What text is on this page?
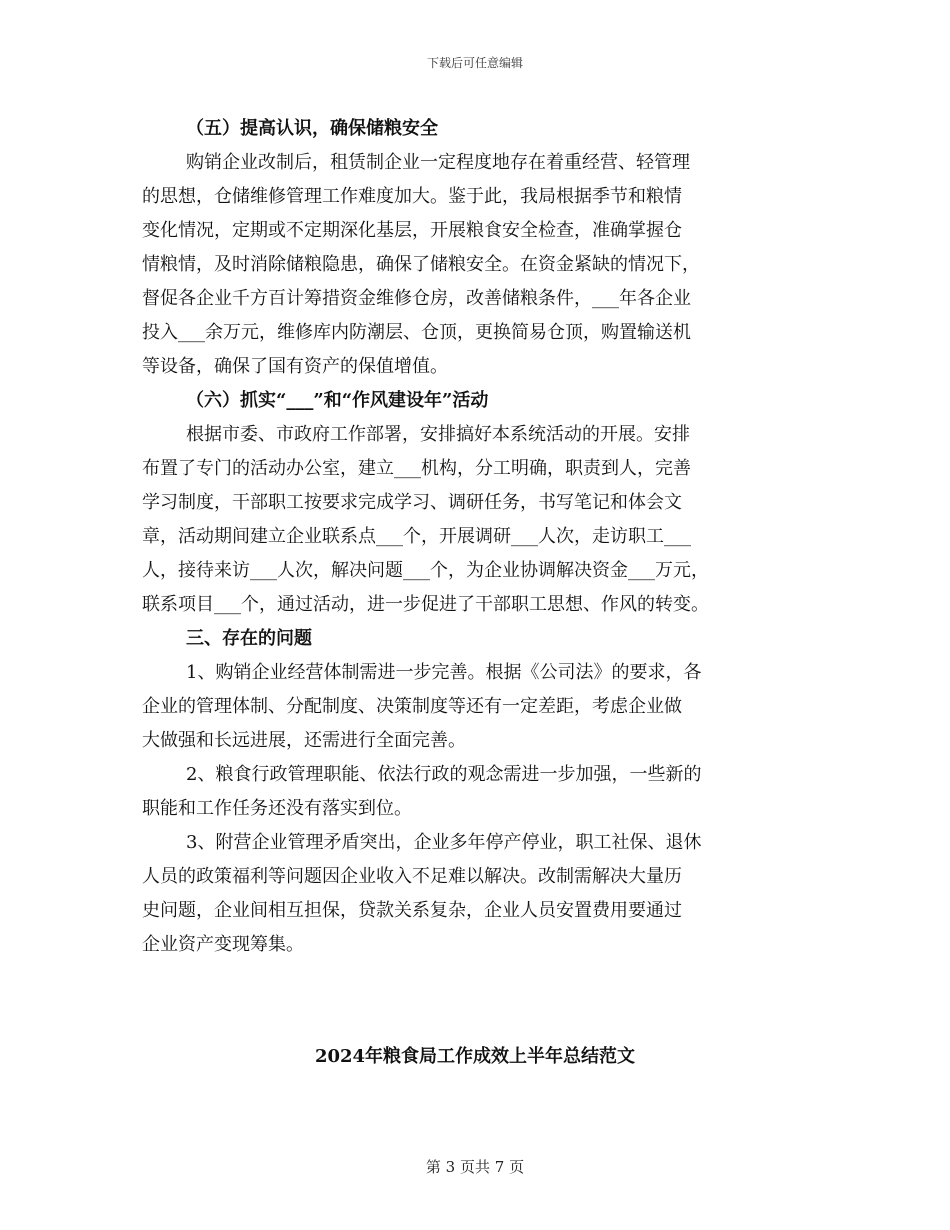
下载后可任意编辑
（五）提高认识，确保储粮安全
购销企业改制后，租赁制企业一定程度地存在着重经营、轻管理
的思想，仓储维修管理工作难度加大。鉴于此，我局根据季节和粮情
变化情况，定期或不定期深化基层，开展粮食安全检查，准确掌握仓
情粮情，及时消除储粮隐患，确保了储粮安全。在资金紧缺的情况下，
督促各企业千方百计筹措资金维修仓房，改善储粮条件，___年各企业
投入___余万元，维修库内防潮层、仓顶，更换简易仓顶，购置输送机
等设备，确保了国有资产的保值增值。
（六）抓实“___”和“作风建设年”活动
根据市委、市政府工作部署，安排搞好本系统活动的开展。安排
布置了专门的活动办公室，建立___机构，分工明确，职责到人，完善
学习制度，干部职工按要求完成学习、调研任务，书写笔记和体会文
章，活动期间建立企业联系点___个，开展调研___人次，走访职工___
人，接待来访___人次，解决问题___个，为企业协调解决资金___万元，
联系项目___个，通过活动，进一步促进了干部职工思想、作风的转变。
三、存在的问题
1、购销企业经营体制需进一步完善。根据《公司法》的要求，各
企业的管理体制、分配制度、决策制度等还有一定差距，考虑企业做
大做强和长远进展，还需进行全面完善。
2、粮食行政管理职能、依法行政的观念需进一步加强，一些新的
职能和工作任务还没有落实到位。
3、附营企业管理矛盾突出，企业多年停产停业，职工社保、退休
人员的政策福利等问题因企业收入不足难以解决。改制需解决大量历
史问题，企业间相互担保，贷款关系复杂，企业人员安置费用要通过
企业资产变现筹集。
2024年粮食局工作成效上半年总结范文
第 3 页共 7 页
